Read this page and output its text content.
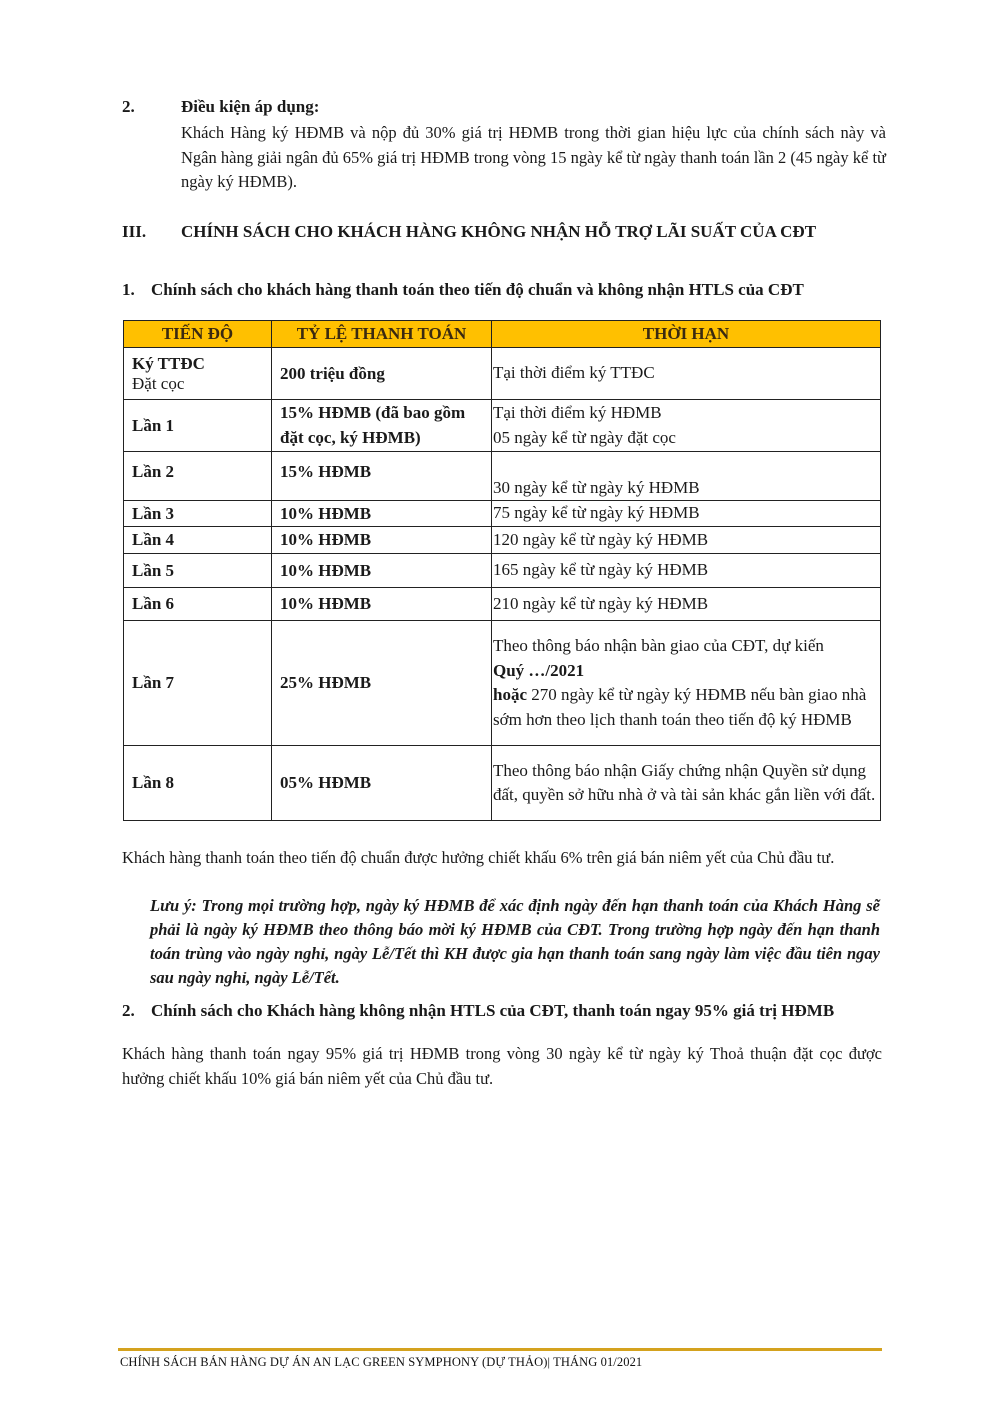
2.	Điều kiện áp dụng:
Khách Hàng ký HĐMB và nộp đủ 30% giá trị HĐMB trong thời gian hiệu lực của chính sách này và Ngân hàng giải ngân đủ 65% giá trị HĐMB trong vòng 15 ngày kể từ ngày thanh toán lần 2 (45 ngày kể từ ngày ký HĐMB).
III. CHÍNH SÁCH CHO KHÁCH HÀNG KHÔNG NHẬN HỖ TRỢ LÃI SUẤT CỦA CĐT
1. Chính sách cho khách hàng thanh toán theo tiến độ chuẩn và không nhận HTLS của CĐT
TIẾN ĐỘ	TỶ LỆ THANH TOÁN	THỜI HẠN
Ký TTĐC
Đặt cọc	200 triệu đồng	Tại thời điểm ký TTĐC
Lần 1	15% HĐMB (đã bao gồm đặt cọc, ký HĐMB)	Tại thời điểm ký HĐMB
05 ngày kể từ ngày đặt cọc

Lần 2	15% HĐMB	30 ngày kể từ ngày ký HĐMB
Lần 3	10% HĐMB	75 ngày kể từ ngày ký HĐMB
Lần 4	10% HĐMB	120 ngày kể từ ngày ký HĐMB
Lần 5	10% HĐMB	165 ngày kể từ ngày ký HĐMB
Lần 6	10% HĐMB	210 ngày kể từ ngày ký HĐMB
Lần 7	25% HĐMB	Theo thông báo nhận bàn giao của CĐT, dự kiến
Quý …/2021
hoặc 270 ngày kể từ ngày ký HĐMB nếu bàn giao nhà sớm hơn theo lịch thanh toán theo tiến độ ký HĐMB
Lần 8	05% HĐMB	Theo thông báo nhận Giấy chứng nhận Quyền sử dụng đất, quyền sở hữu nhà ở và tài sản khác gắn liền với đất.
Khách hàng thanh toán theo tiến độ chuẩn được hưởng chiết khấu 6% trên giá bán niêm yết của Chủ đầu tư.
Lưu ý: Trong mọi trường hợp, ngày ký HĐMB để xác định ngày đến hạn thanh toán của Khách Hàng sẽ phải là ngày ký HĐMB theo thông báo mời ký HĐMB của CĐT. Trong trường hợp ngày đến hạn thanh toán trùng vào ngày nghỉ, ngày Lễ/Tết thì KH được gia hạn thanh toán sang ngày làm việc đầu tiên ngay sau ngày nghỉ, ngày Lễ/Tết.
2. Chính sách cho Khách hàng không nhận HTLS của CĐT, thanh toán ngay 95% giá trị HĐMB
Khách hàng thanh toán ngay 95% giá trị HĐMB trong vòng 30 ngày kể từ ngày ký Thoả thuận đặt cọc được hưởng chiết khấu 10% giá bán niêm yết của Chủ đầu tư.
CHÍNH SÁCH BÁN HÀNG DỰ ÁN AN LẠC GREEN SYMPHONY (DỰ THẢO)| THÁNG 01/2021
